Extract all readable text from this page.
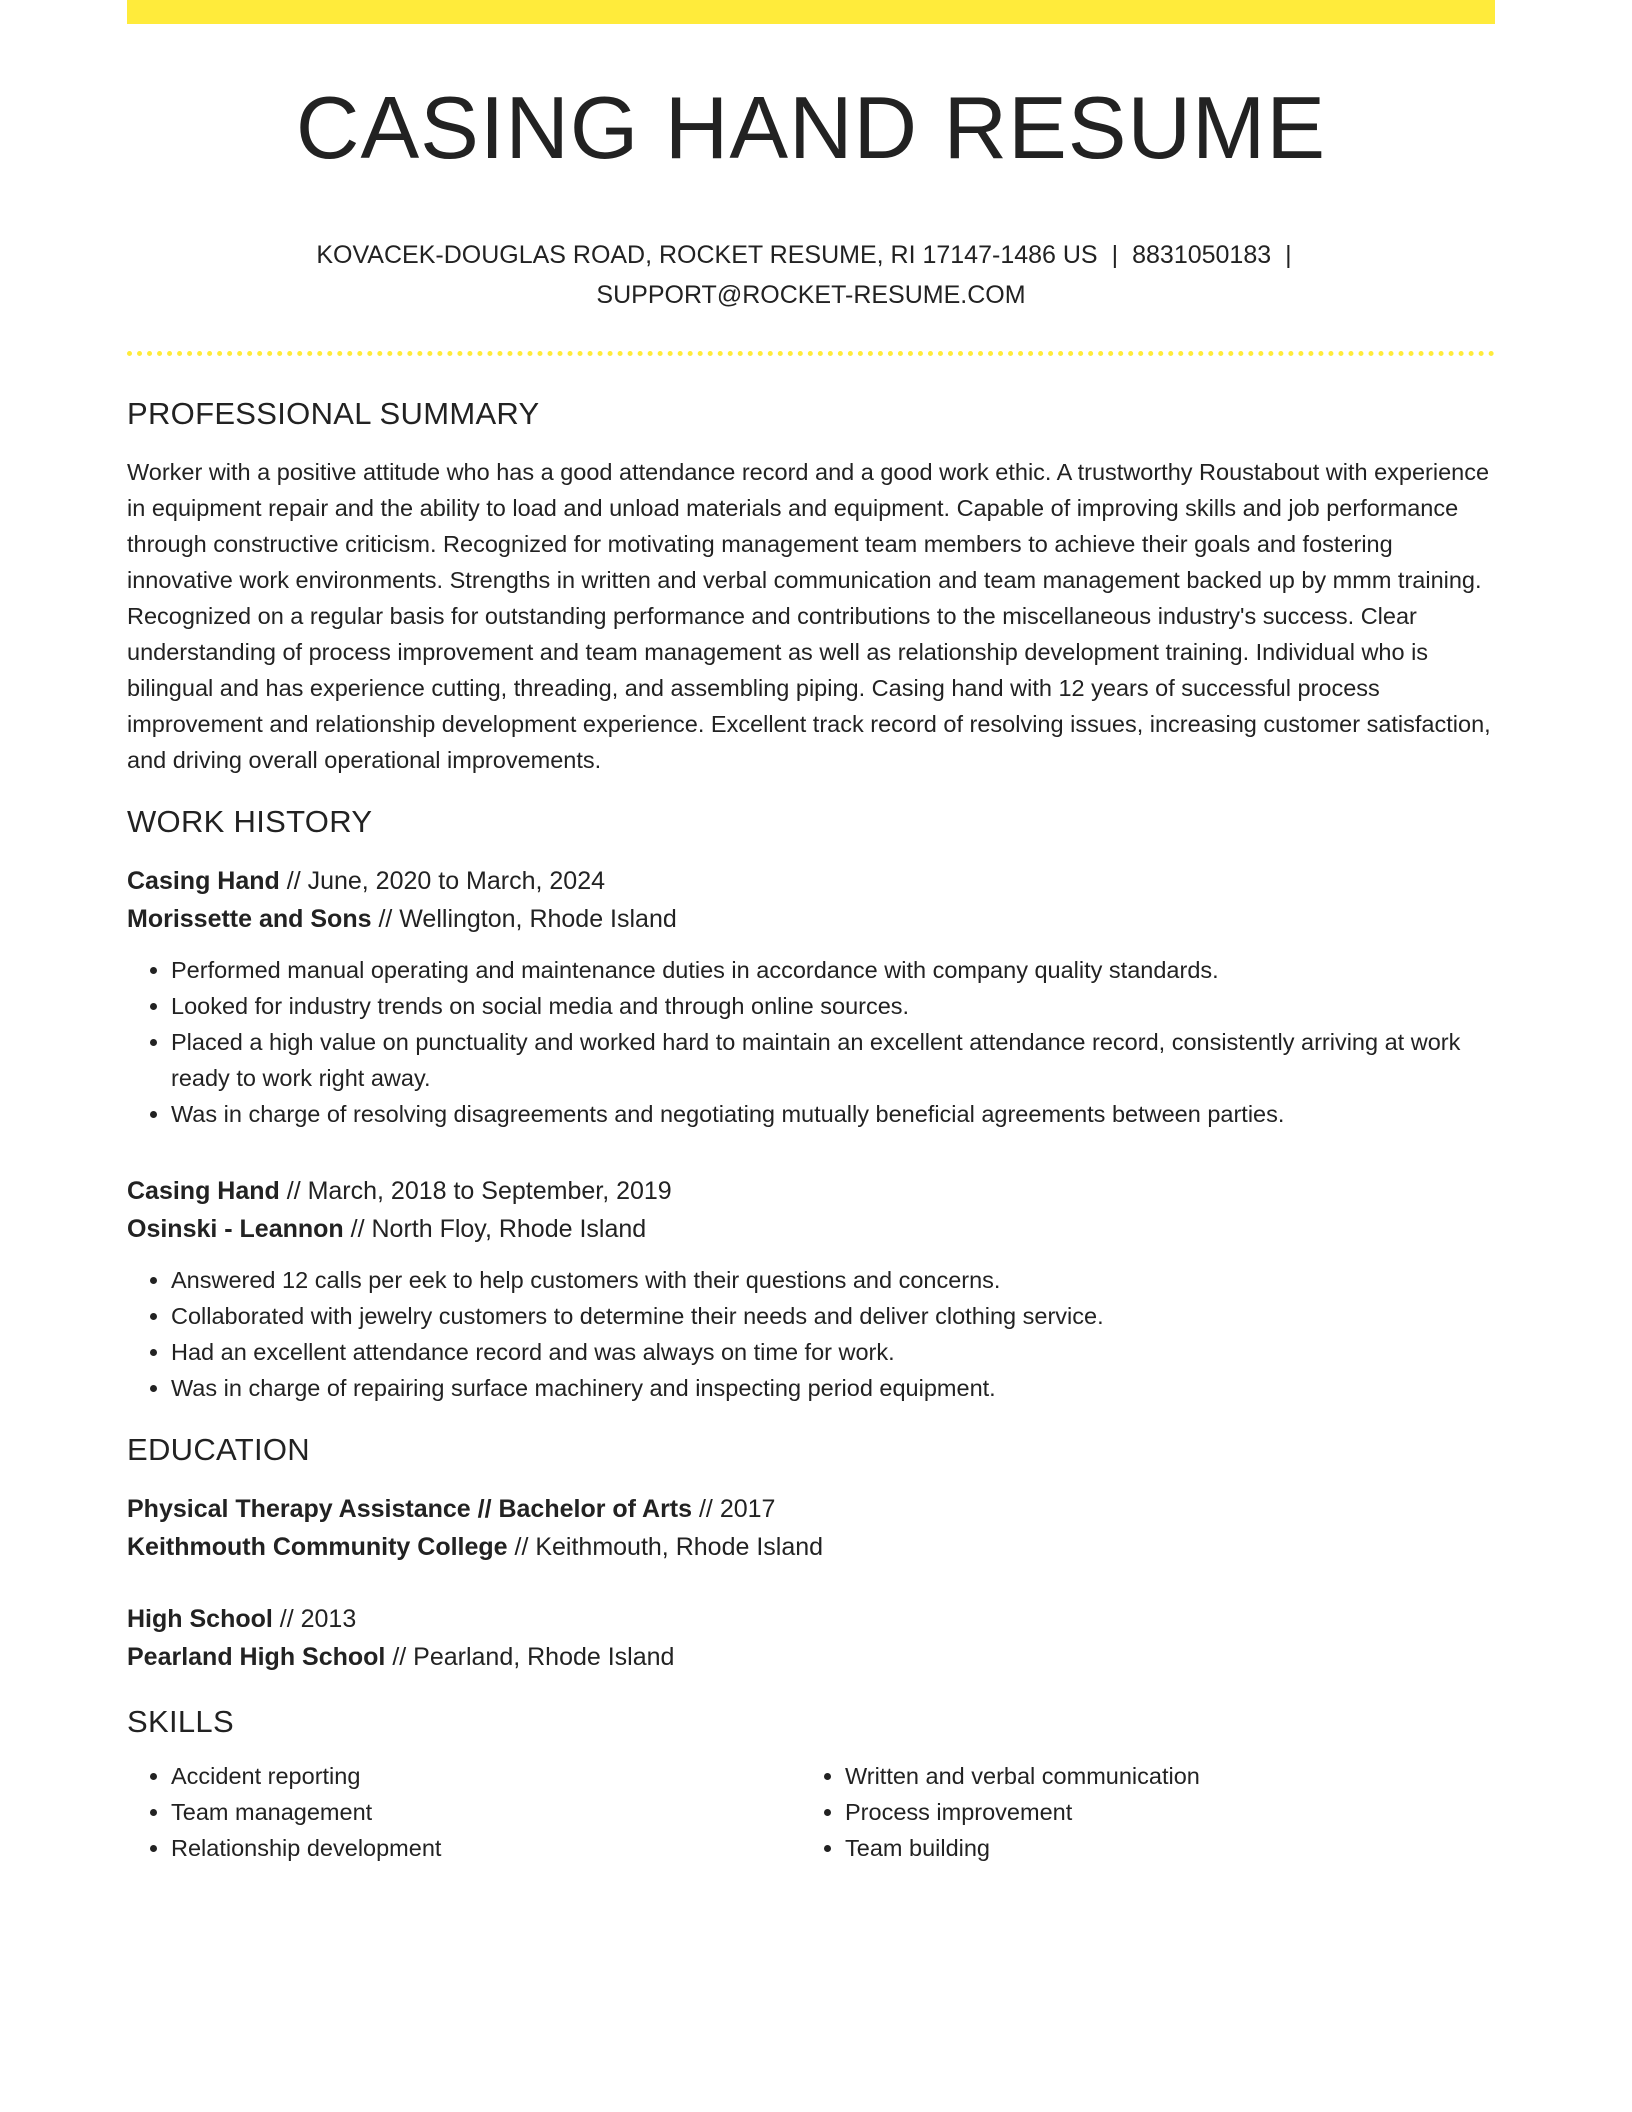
CASING HAND RESUME
KOVACEK-DOUGLAS ROAD, ROCKET RESUME, RI 17147-1486 US | 8831050183 |
SUPPORT@ROCKET-RESUME.COM
PROFESSIONAL SUMMARY

Worker with a positive attitude who has a good attendance record and a good work ethic. A trustworthy Roustabout with experience in equipment repair and the ability to load and unload materials and equipment. Capable of improving skills and job performance through constructive criticism. Recognized for motivating management team members to achieve their goals and fostering innovative work environments. Strengths in written and verbal communication and team management backed up by mmm training. Recognized on a regular basis for outstanding performance and contributions to the miscellaneous industry's success. Clear understanding of process improvement and team management as well as relationship development training. Individual who is bilingual and has experience cutting, threading, and assembling piping. Casing hand with 12 years of successful process improvement and relationship development experience. Excellent track record of resolving issues, increasing customer satisfaction, and driving overall operational improvements.

WORK HISTORY
Casing Hand // June, 2020 to March, 2024
Morissette and Sons // Wellington, Rhode Island
• Performed manual operating and maintenance duties in accordance with company quality standards.
• Looked for industry trends on social media and through online sources.
• Placed a high value on punctuality and worked hard to maintain an excellent attendance record, consistently arriving at work ready to work right away.
• Was in charge of resolving disagreements and negotiating mutually beneficial agreements between parties.
Casing Hand // March, 2018 to September, 2019
Osinski - Leannon // North Floy, Rhode Island
• Answered 12 calls per eek to help customers with their questions and concerns.
• Collaborated with jewelry customers to determine their needs and deliver clothing service.
• Had an excellent attendance record and was always on time for work.
• Was in charge of repairing surface machinery and inspecting period equipment.
EDUCATION
Physical Therapy Assistance // Bachelor of Arts // 2017
Keithmouth Community College // Keithmouth, Rhode Island
High School // 2013
Pearland High School // Pearland, Rhode Island
SKILLS
• Accident reporting
• Team management
• Relationship development
• Written and verbal communication
• Process improvement
• Team building
